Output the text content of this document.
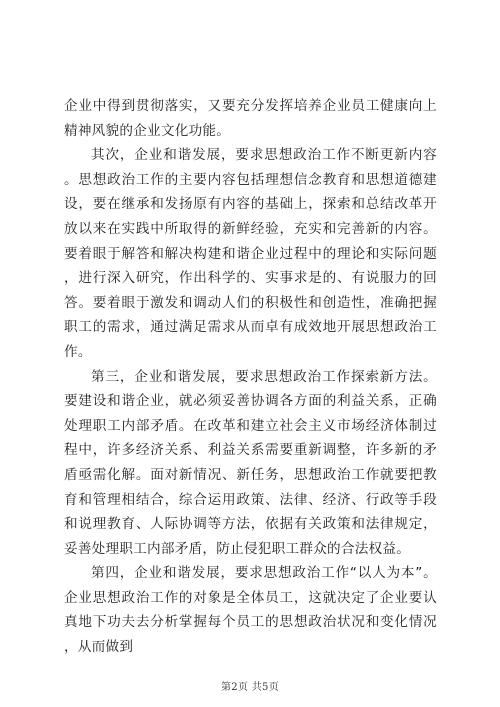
企业中得到贯彻落实，又要充分发挥培养企业员工健康向上精神风貌的企业文化功能。

其次，企业和谐发展，要求思想政治工作不断更新内容。思想政治工作的主要内容包括理想信念教育和思想道德建设，要在继承和发扬原有内容的基础上，探索和总结改革开放以来在实践中所取得的新鲜经验，充实和完善新的内容。要着眼于解答和解决构建和谐企业过程中的理论和实际问题，进行深入研究，作出科学的、实事求是的、有说服力的回答。要着眼于激发和调动人们的积极性和创造性，准确把握职工的需求，通过满足需求从而卓有成效地开展思想政治工作。

第三，企业和谐发展，要求思想政治工作探索新方法。要建设和谐企业，就必须妥善协调各方面的利益关系，正确处理职工内部矛盾。在改革和建立社会主义市场经济体制过程中，许多经济关系、利益关系需要重新调整，许多新的矛盾亟需化解。面对新情况、新任务，思想政治工作就要把教育和管理相结合，综合运用政策、法律、经济、行政等手段和说理教育、人际协调等方法，依据有关政策和法律规定，妥善处理职工内部矛盾，防止侵犯职工群众的合法权益。

第四，企业和谐发展，要求思想政治工作“以人为本”。企业思想政治工作的对象是全体员工，这就决定了企业要认真地下功夫去分析掌握每个员工的思想政治状况和变化情况，从而做到

第2页 共5页
